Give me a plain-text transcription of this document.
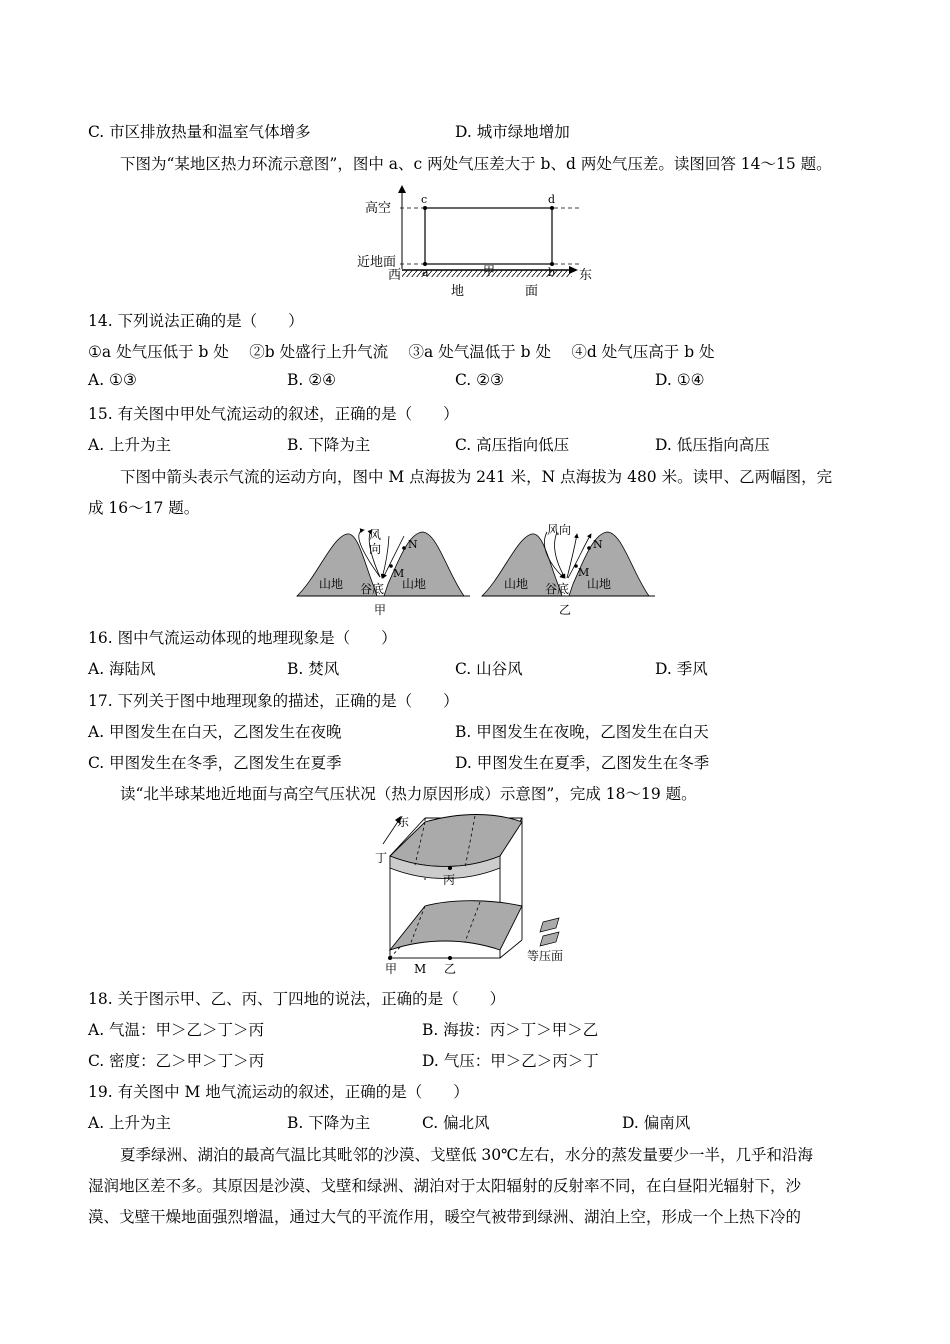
C. 市区排放热量和温室气体增多	D. 城市绿地增加
下图为“某地区热力环流示意图”，图中 a、c 两处气压差大于 b、d 两处气压差。读图回答 14～15 题。
高空
近地面
西
c	d
东
地	面
14. 下列说法正确的是（　　）
①a 处气压低于 b 处　 ②b 处盛行上升气流　 ③a 处气温低于 b 处　 ④d 处气压高于 b 处
A. ①③	B. ②④	C. ②③	D. ①④
15. 有关图中甲处气流运动的叙述，正确的是（　　）
A. 上升为主	B. 下降为主	C. 高压指向低压	D. 低压指向高压
下图中箭头表示气流的运动方向，图中 M 点海拔为 241 米，N 点海拔为 480 米。读甲、乙两幅图，完
成 16～17 题。
风
向
M
N
山地 谷底 山地
甲
风向
M
N
山地 谷底 山地
乙
16. 图中气流运动体现的地理现象是（　　）
A. 海陆风	B. 焚风	C. 山谷风	D. 季风
17. 下列关于图中地理现象的描述，正确的是（　　）
A. 甲图发生在白天，乙图发生在夜晚	B. 甲图发生在夜晚，乙图发生在白天
C. 甲图发生在冬季，乙图发生在夏季	D. 甲图发生在夏季，乙图发生在冬季
读“北半球某地近地面与高空气压状况（热力原因形成）示意图”，完成 18～19 题。
东
丁
丙
甲 M 乙
等压面
18. 关于图示甲、乙、丙、丁四地的说法，正确的是（　　）
A. 气温：甲＞乙＞丁＞丙	B. 海拔：丙＞丁＞甲＞乙
C. 密度：乙＞甲＞丁＞丙	D. 气压：甲＞乙＞丙＞丁
19. 有关图中 M 地气流运动的叙述，正确的是（　　）
A. 上升为主	B. 下降为主	C. 偏北风	D. 偏南风
夏季绿洲、湖泊的最高气温比其毗邻的沙漠、戈壁低 30℃左右，水分的蒸发量要少一半，几乎和沿海
湿润地区差不多。其原因是沙漠、戈壁和绿洲、湖泊对于太阳辐射的反射率不同，在白昼阳光辐射下，沙
漠、戈壁干燥地面强烈增温，通过大气的平流作用，暖空气被带到绿洲、湖泊上空，形成一个上热下冷的
